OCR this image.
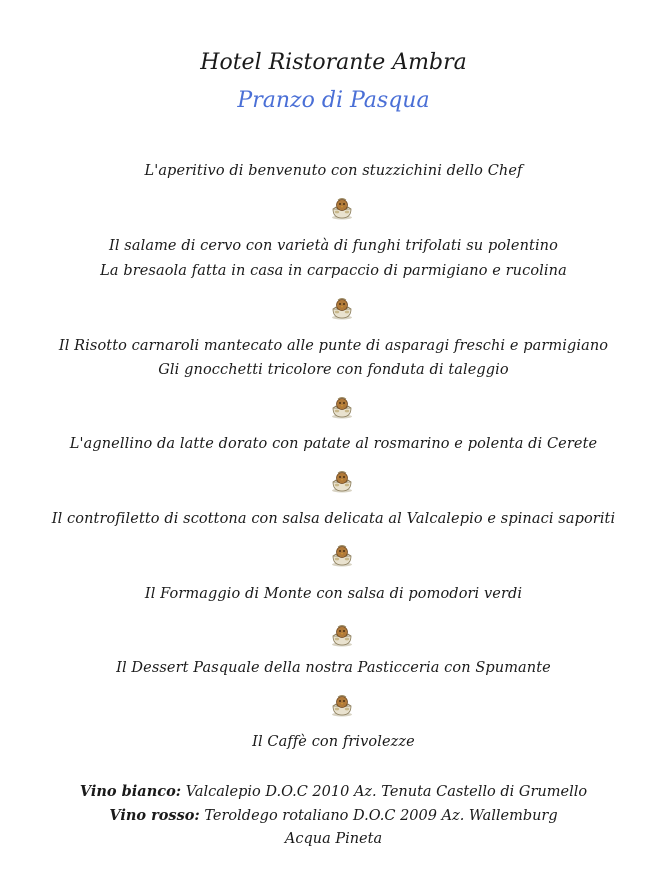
Hotel Ristorante Ambra
Pranzo di Pasqua
L'aperitivo di benvenuto con stuzzichini dello Chef
Il salame di cervo con varietà di funghi trifolati su polentino
La bresaola fatta in casa in carpaccio di parmigiano e rucolina
Il Risotto carnaroli mantecato alle punte di asparagi freschi e parmigiano
Gli gnocchetti tricolore con fonduta di taleggio
L'agnellino da latte dorato con patate al rosmarino e polenta di Cerete
Il controfiletto di scottona con salsa delicata al Valcalepio e spinaci saporiti
Il Formaggio di Monte con salsa di pomodori verdi
Il Dessert Pasquale della nostra Pasticceria con Spumante
Il Caffè con frivolezze
Vino bianco: Valcalepio D.O.C 2010 Az. Tenuta Castello di Grumello
Vino rosso: Teroldego rotaliano D.O.C 2009 Az. Wallemburg
Acqua Pineta
